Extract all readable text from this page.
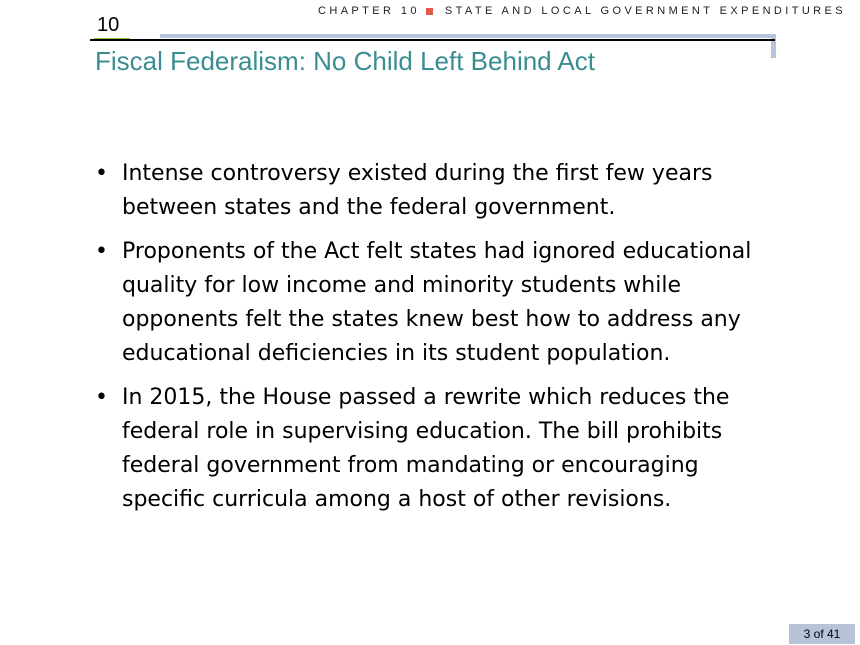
CHAPTER 10 STATE AND LOCAL GOVERNMENT EXPENDITURES
10
Fiscal Federalism: No Child Left Behind Act
• Intense controversy existed during the first few years between states and the federal government.
• Proponents of the Act felt states had ignored educational quality for low income and minority students while opponents felt the states knew best how to address any educational deficiencies in its student population.
• In 2015, the House passed a rewrite which reduces the federal role in supervising education. The bill prohibits federal government from mandating or encouraging specific curricula among a host of other revisions.
3 of 41
